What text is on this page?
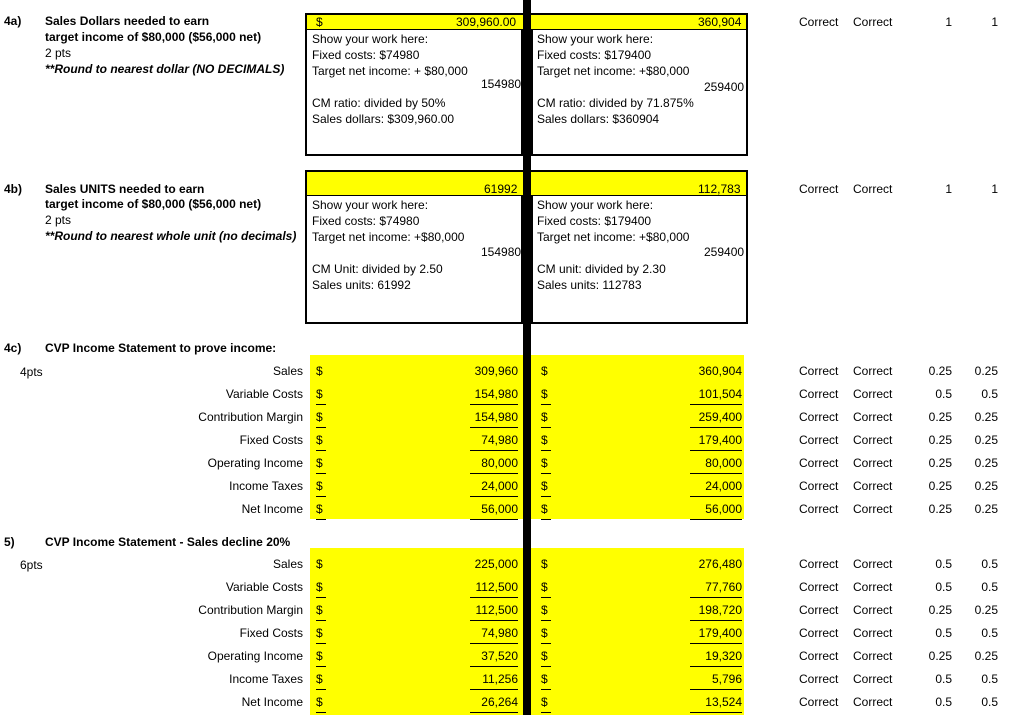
4a) Sales Dollars needed to earn
target income of $80,000 ($56,000 net)
2 pts
**Round to nearest dollar (NO DECIMALS)
$	309,960.00
Show your work here:
Fixed costs: $74980
Target net income: + $80,000
154980
CM ratio: divided by 50%
Sales dollars: $309,960.00
360,904
Show your work here:
Fixed costs: $179400
Target net income: +$80,000
259400
CM ratio: divided by 71.875%
Sales dollars: $360904
Correct Correct	1	1
4b) Sales UNITS needed to earn
target income of $80,000 ($56,000 net)
2 pts
**Round to nearest whole unit (no decimals)
61992
Show your work here:
Fixed costs: $74980
Target net income: +$80,000
154980
CM Unit: divided by 2.50
Sales units: 61992
112,783
Show your work here:
Fixed costs: $179400
Target net income: +$80,000
259400
CM unit: divided by 2.30
Sales units: 112783
Correct Correct	1	1
4c) CVP Income Statement to prove income:
4pts	Sales $	309,960 $	360,904	Correct Correct	0.25	0.25
Variable Costs $	154,980 $	101,504	Correct Correct	0.5	0.5
Contribution Margin $	154,980 $	259,400	Correct Correct	0.25	0.25
Fixed Costs $	74,980 $	179,400	Correct Correct	0.25	0.25
Operating Income $	80,000 $	80,000	Correct Correct	0.25	0.25
Income Taxes $	24,000 $	24,000	Correct Correct	0.25	0.25
Net Income $	56,000 $	56,000	Correct Correct	0.25	0.25
5)	CVP Income Statement - Sales decline 20%
6pts	Sales $	225,000 $	276,480	Correct Correct	0.5	0.5
Variable Costs $	112,500 $	77,760	Correct Correct	0.5	0.5
Contribution Margin $	112,500 $	198,720	Correct Correct	0.25	0.25
Fixed Costs $	74,980 $	179,400	Correct Correct	0.5	0.5
Operating Income $	37,520 $	19,320	Correct Correct	0.25	0.25
Income Taxes $	11,256 $	5,796	Correct Correct	0.5	0.5
Net Income $	26,264 $	13,524	Correct Correct	0.5	0.5
